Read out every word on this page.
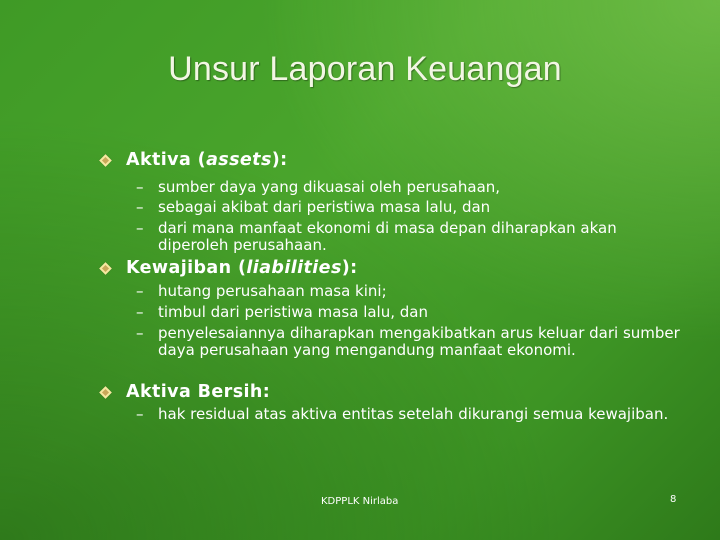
Unsur Laporan Keuangan
Aktiva (assets):
– sumber daya yang dikuasai oleh perusahaan,
– sebagai akibat dari peristiwa masa lalu, dan
– dari mana manfaat ekonomi di masa depan diharapkan akan diperoleh perusahaan.
Kewajiban (liabilities):
– hutang perusahaan masa kini;
– timbul dari peristiwa masa lalu, dan
– penyelesaiannya diharapkan mengakibatkan arus keluar dari sumber daya perusahaan yang mengandung manfaat ekonomi.
Aktiva Bersih:
– hak residual atas aktiva entitas setelah dikurangi semua kewajiban.
KDPPLK Nirlaba	8
